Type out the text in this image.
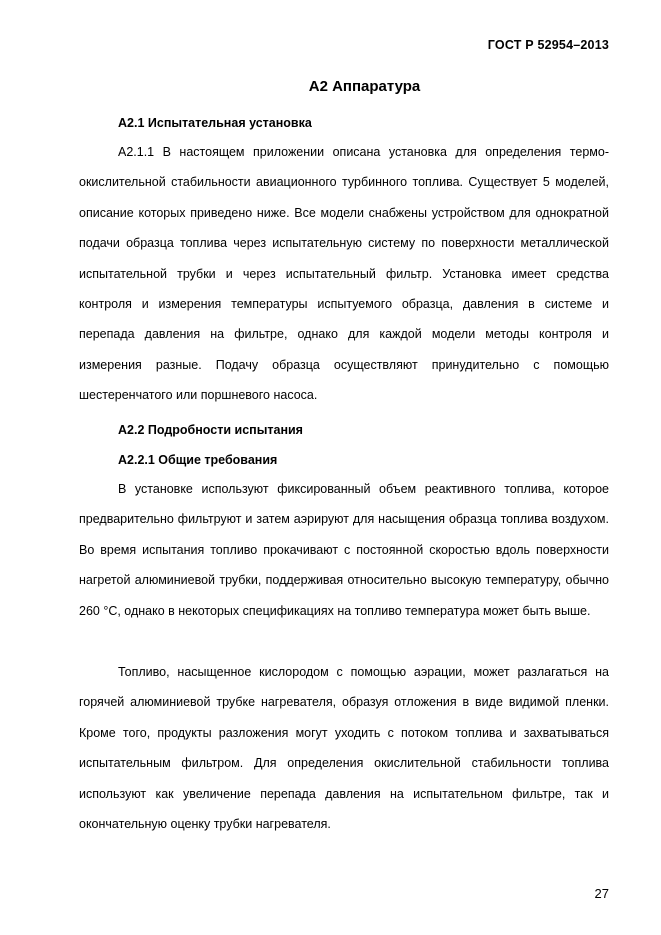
ГОСТ Р 52954–2013
А2 Аппаратура
А2.1 Испытательная установка
А2.1.1 В настоящем приложении описана установка для определения термоокислительной стабильности авиационного турбинного топлива. Существует 5 моделей, описание которых приведено ниже. Все модели снабжены устройством для однократной подачи образца топлива через испытательную систему по поверхности металлической испытательной трубки и через испытательный фильтр. Установка имеет средства контроля и измерения температуры испытуемого образца, давления в системе и перепада давления на фильтре, однако для каждой модели методы контроля и измерения разные. Подачу образца осуществляют принудительно с помощью шестеренчатого или поршневого насоса.
А2.2 Подробности испытания
А2.2.1 Общие требования
В установке используют фиксированный объем реактивного топлива, которое предварительно фильтруют и затем аэрируют для насыщения образца топлива воздухом. Во время испытания топливо прокачивают с постоянной скоростью вдоль поверхности нагретой алюминиевой трубки, поддерживая относительно высокую температуру, обычно 260 °С, однако в некоторых спецификациях на топливо температура может быть выше.
Топливо, насыщенное кислородом с помощью аэрации, может разлагаться на горячей алюминиевой трубке нагревателя, образуя отложения в виде видимой пленки. Кроме того, продукты разложения могут уходить с потоком топлива и захватываться испытательным фильтром. Для определения окислительной стабильности топлива используют как увеличение перепада давления на испытательном фильтре, так и окончательную оценку трубки нагревателя.
27
